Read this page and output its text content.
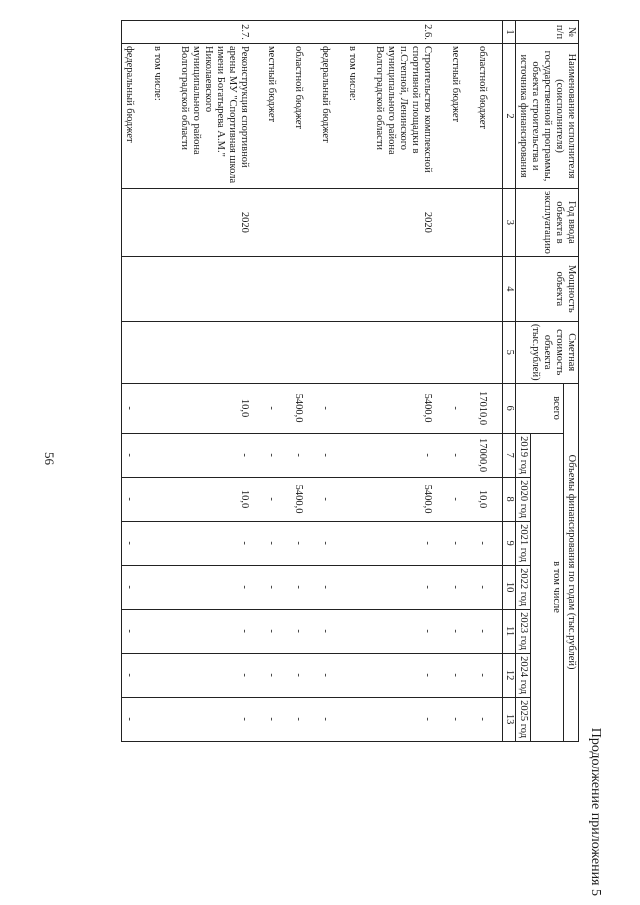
56
Продолжение приложения 5
№ п/п	Наименование исполнителя (соисполнителя) государственной программы, объекта строительства и источника финансирования	Год ввода объекта в эксплуатацию	Мощность объекта	Сметная стоимость объекта (тыс.рублей)	Объемы финансирования по годам (тыс.рублей)							
					всего	в том числе						
						2019 год	2020 год	2021 год	2022 год	2023 год	2024 год	2025 год
1	2	3	4	5	6	7	8	9	10	11	12	13
	областной бюджет				17010,0	17000,0	10,0	-	-	-	-	-
	местный бюджет				-	-	-	-	-	-	-	-
2.6.	Строительство комплексной спортивной площадки в п.Степной, Ленинского муниципального района Волгоградской области	2020			5400,0	-	5400,0	-	-	-	-	-
	в том числе:											
	федеральный бюджет				-	-	-	-	-	-	-	-
	областной бюджет				5400,0	-	5400,0	-	-	-	-	-
	местный бюджет				-	-	-	-	-	-	-	-
2.7.	Реконструкция спортивной арены МУ "Спортивная школа имени Богатырева А.М." Николаевского муниципального района Волгоградской области	2020			10,0	-	10,0	-	-	-	-	-
	в том числе:											
	федеральный бюджет				-	-	-	-	-	-	-	-
